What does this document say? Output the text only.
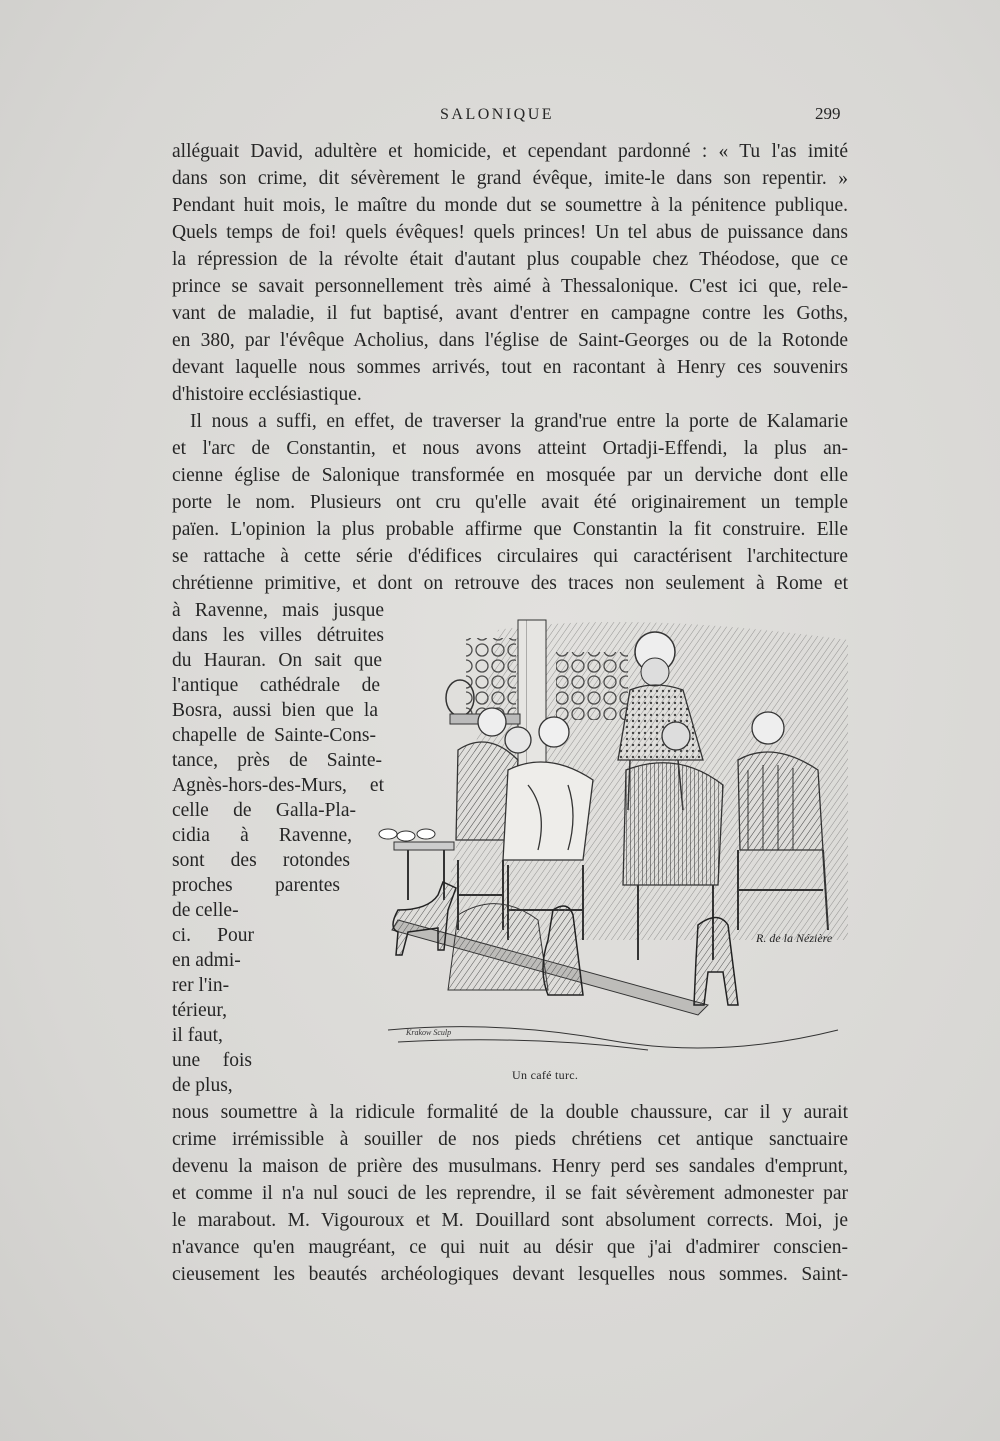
SALONIQUE	299

alléguait David, adultère et homicide, et cependant pardonné : « Tu l'as imité

dans son crime, dit sévèrement le grand évêque, imite-le dans son repentir. »

Pendant huit mois, le maître du monde dut se soumettre à la pénitence publique.

Quels temps de foi! quels évêques! quels princes! Un tel abus de puissance dans

la répression de la révolte était d'autant plus coupable chez Théodose, que ce

prince se savait personnellement très aimé à Thessalonique. C'est ici que, rele-

vant de maladie, il fut baptisé, avant d'entrer en campagne contre les Goths,

en 380, par l'évêque Acholius, dans l'église de Saint-Georges ou de la Rotonde

devant laquelle nous sommes arrivés, tout en racontant à Henry ces souvenirs

d'histoire ecclésiastique.

Il nous a suffi, en effet, de traverser la grand'rue entre la porte de Kalamarie

et l'arc de Constantin, et nous avons atteint Ortadji-Effendi, la plus an-

cienne église de Salonique transformée en mosquée par un derviche dont elle

porte le nom. Plusieurs ont cru qu'elle avait été originairement un temple

païen. L'opinion la plus probable affirme que Constantin la fit construire. Elle

se rattache à cette série d'édifices circulaires qui caractérisent l'architecture

chrétienne primitive, et dont on retrouve des traces non seulement à Rome et

à Ravenne, mais jusque

dans les villes détruites

du Hauran. On sait que

l'antique cathédrale de

Bosra, aussi bien que la

chapelle de Sainte-Cons-

tance, près de Sainte-

Agnès-hors-des-Murs, et

celle de Galla-Pla-

cidia à Ravenne,

sont des rotondes

proches parentes

de celle-

ci. Pour

en admi-

rer l'in-

térieur,

il faut,

une fois

de plus,

R. de la Nézière
Krakow Sculp
Un café turc.

nous soumettre à la ridicule formalité de la double chaussure, car il y aurait

crime irrémissible à souiller de nos pieds chrétiens cet antique sanctuaire

devenu la maison de prière des musulmans. Henry perd ses sandales d'emprunt,

et comme il n'a nul souci de les reprendre, il se fait sévèrement admonester par

le marabout. M. Vigouroux et M. Douillard sont absolument corrects. Moi, je

n'avance qu'en maugréant, ce qui nuit au désir que j'ai d'admirer conscien-

cieusement les beautés archéologiques devant lesquelles nous sommes. Saint-
